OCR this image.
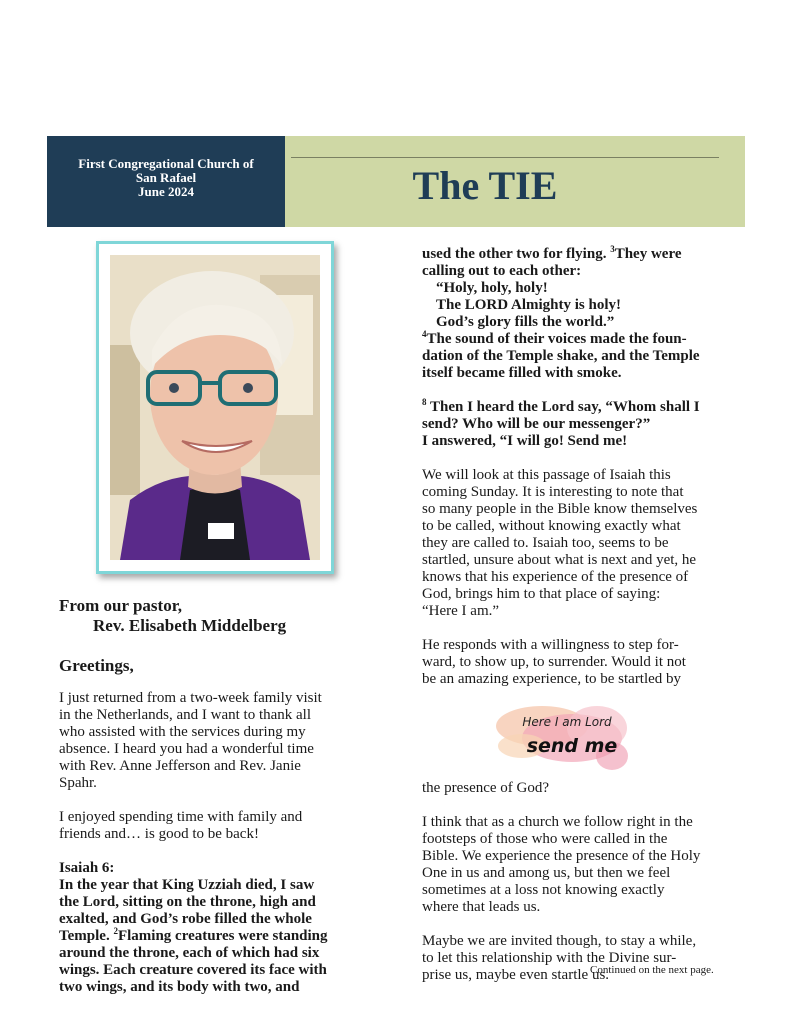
First Congregational Church of
San Rafael
June 2024	The TIE
From our pastor,
Rev. Elisabeth Middelberg
Greetings,

I just returned from a two-week family visit
in the Netherlands, and I want to thank all
who assisted with the services during my
absence. I heard you had a wonderful time
with Rev. Anne Jefferson and Rev. Janie
Spahr.

I enjoyed spending time with family and
friends and… is good to be back!

Isaiah 6:

In the year that King Uzziah died, I saw
the Lord, sitting on the throne, high and
exalted, and God’s robe filled the whole
Temple. $^2$Flaming creatures were standing
around the throne, each of which had six
wings. Each creature covered its face with
two wings, and its body with two, and

used the other two for flying. $^3$They were
calling out to each other:

“Holy, holy, holy!
The LORD Almighty is holy!
God’s glory fills the world.”

$^4$The sound of their voices made the foun-
dation of the Temple shake, and the Temple
itself became filled with smoke.

$^8$ Then I heard the Lord say, “Whom shall I
send? Who will be our messenger?”
I answered, “I will go! Send me!

We will look at this passage of Isaiah this
coming Sunday. It is interesting to note that
so many people in the Bible know themselves
to be called, without knowing exactly what
they are called to. Isaiah too, seems to be
startled, unsure about what is next and yet, he
knows that his experience of the presence of
God, brings him to that place of saying:
“Here I am.”

He responds with a willingness to step for-
ward, to show up, to surrender. Would it not
be an amazing experience, to be startled by

Here I am Lord
send me

the presence of God?

I think that as a church we follow right in the
footsteps of those who were called in the
Bible. We experience the presence of the Holy
One in us and among us, but then we feel
sometimes at a loss not knowing exactly
where that leads us.

Maybe we are invited though, to stay a while,
to let this relationship with the Divine sur-
prise us, maybe even startle us.

Continued on the next page.
